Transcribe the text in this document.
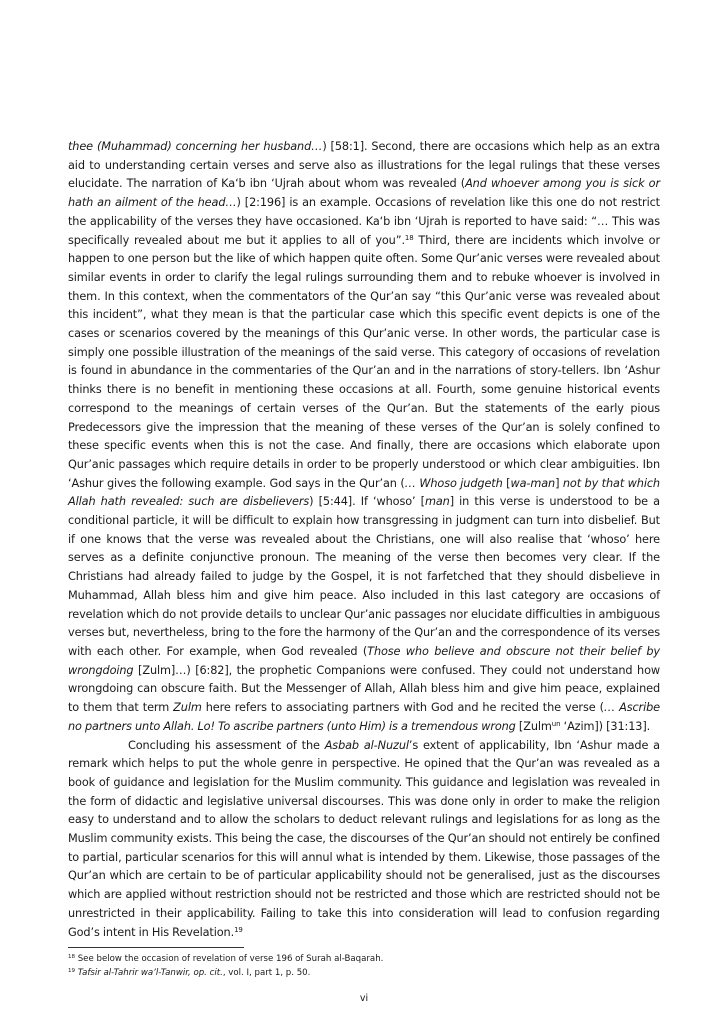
thee (Muhammad) concerning her husband…) [58:1]. Second, there are occasions which help as an extra aid to understanding certain verses and serve also as illustrations for the legal rulings that these verses elucidate. The narration of Ka‘b ibn ‘Ujrah about whom was revealed (And whoever among you is sick or hath an ailment of the head…) [2:196] is an example. Occasions of revelation like this one do not restrict the applicability of the verses they have occasioned. Ka‘b ibn ‘Ujrah is reported to have said: “… This was specifically revealed about me but it applies to all of you”.$^{18}$ Third, there are incidents which involve or happen to one person but the like of which happen quite often. Some Qur’anic verses were revealed about similar events in order to clarify the legal rulings surrounding them and to rebuke whoever is involved in them. In this context, when the commentators of the Qur’an say “this Qur’anic verse was revealed about this incident”, what they mean is that the particular case which this specific event depicts is one of the cases or scenarios covered by the meanings of this Qur’anic verse. In other words, the particular case is simply one possible illustration of the meanings of the said verse. This category of occasions of revelation is found in abundance in the commentaries of the Qur’an and in the narrations of story-tellers. Ibn ‘Ashur thinks there is no benefit in mentioning these occasions at all. Fourth, some genuine historical events correspond to the meanings of certain verses of the Qur’an. But the statements of the early pious Predecessors give the impression that the meaning of these verses of the Qur’an is solely confined to these specific events when this is not the case. And finally, there are occasions which elaborate upon Qur’anic passages which require details in order to be properly understood or which clear ambiguities. Ibn ‘Ashur gives the following example. God says in the Qur’an (… Whoso judgeth [wa-man] not by that which Allah hath revealed: such are disbelievers) [5:44]. If ‘whoso’ [man] in this verse is understood to be a conditional particle, it will be difficult to explain how transgressing in judgment can turn into disbelief. But if one knows that the verse was revealed about the Christians, one will also realise that ‘whoso’ here serves as a definite conjunctive pronoun. The meaning of the verse then becomes very clear. If the Christians had already failed to judge by the Gospel, it is not farfetched that they should disbelieve in Muhammad, Allah bless him and give him peace. Also included in this last category are occasions of revelation which do not provide details to unclear Qur’anic passages nor elucidate difficulties in ambiguous verses but, nevertheless, bring to the fore the harmony of the Qur’an and the correspondence of its verses with each other. For example, when God revealed (Those who believe and obscure not their belief by wrongdoing [Zulm]…) [6:82], the prophetic Companions were confused. They could not understand how wrongdoing can obscure faith. But the Messenger of Allah, Allah bless him and give him peace, explained to them that term Zulm here refers to associating partners with God and he recited the verse (… Ascribe no partners unto Allah. Lo! To ascribe partners (unto Him) is a tremendous wrong [Zulm$^{un}$ ‘Azim]) [31:13].

Concluding his assessment of the Asbab al-Nuzul’s extent of applicability, Ibn ‘Ashur made a remark which helps to put the whole genre in perspective. He opined that the Qur’an was revealed as a book of guidance and legislation for the Muslim community. This guidance and legislation was revealed in the form of didactic and legislative universal discourses. This was done only in order to make the religion easy to understand and to allow the scholars to deduct relevant rulings and legislations for as long as the Muslim community exists. This being the case, the discourses of the Qur’an should not entirely be confined to partial, particular scenarios for this will annul what is intended by them. Likewise, those passages of the Qur’an which are certain to be of particular applicability should not be generalised, just as the discourses which are applied without restriction should not be restricted and those which are restricted should not be unrestricted in their applicability. Failing to take this into consideration will lead to confusion regarding God’s intent in His Revelation.$^{19}$

$^{18}$ See below the occasion of revelation of verse 196 of Surah al-Baqarah.
$^{19}$ Tafsir al-Tahrir wa’l-Tanwir, op. cit., vol. I, part 1, p. 50.
vi
